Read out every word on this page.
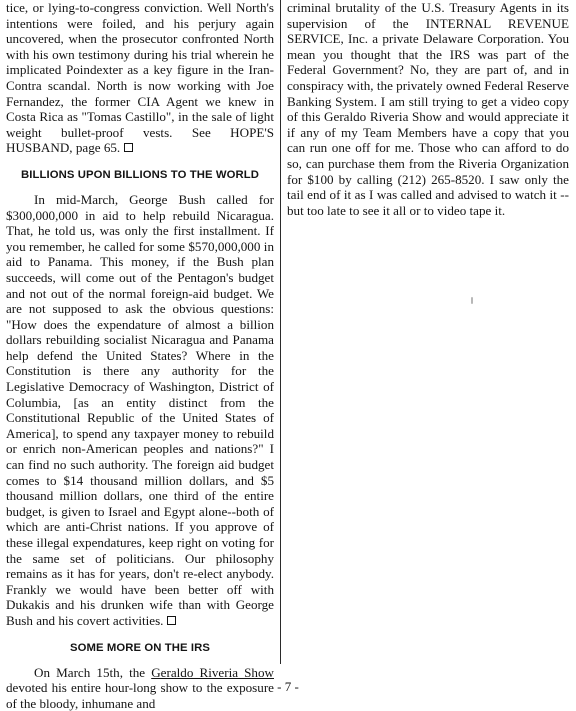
tice, or lying-to-congress conviction. Well North's intentions were foiled, and his perjury again uncovered, when the prosecutor confronted North with his own testimony during his trial wherein he implicated Poindexter as a key figure in the Iran-Contra scandal. North is now working with Joe Fernandez, the former CIA Agent we knew in Costa Rica as "Tomas Castillo", in the sale of light weight bullet-proof vests. See HOPE'S HUSBAND, page 65.

BILLIONS UPON BILLIONS TO THE WORLD

In mid-March, George Bush called for $300,000,000 in aid to help rebuild Nicaragua. That, he told us, was only the first installment. If you remember, he called for some $570,000,000 in aid to Panama. This money, if the Bush plan succeeds, will come out of the Pentagon's budget and not out of the normal foreign-aid budget. We are not supposed to ask the obvious questions: "How does the expendature of almost a billion dollars rebuilding socialist Nicaragua and Panama help defend the United States? Where in the Constitution is there any authority for the Legislative Democracy of Washington, District of Columbia, [as an entity distinct from the Constitutional Republic of the United States of America], to spend any taxpayer money to rebuild or enrich non-American peoples and nations?" I can find no such authority. The foreign aid budget comes to $14 thousand million dollars, and $5 thousand million dollars, one third of the entire budget, is given to Israel and Egypt alone--both of which are anti-Christ nations. If you approve of these illegal expendatures, keep right on voting for the same set of politicians. Our philosophy remains as it has for years, don't re-elect anybody. Frankly we would have been better off with Dukakis and his drunken wife than with George Bush and his covert activities.

SOME MORE ON THE IRS

On March 15th, the Geraldo Riveria Show devoted his entire hour-long show to the exposure of the bloody, inhumane and

criminal brutality of the U.S. Treasury Agents in its supervision of the INTERNAL REVENUE SERVICE, Inc. a private Delaware Corporation. You mean you thought that the IRS was part of the Federal Government? No, they are part of, and in conspiracy with, the privately owned Federal Reserve Banking System. I am still trying to get a video copy of this Geraldo Riveria Show and would appreciate it if any of my Team Members have a copy that you can run one off for me. Those who can afford to do so, can purchase them from the Riveria Organization for $100 by calling (212) 265-8520. I saw only the tail end of it as I was called and advised to watch it -- but too late to see it all or to video tape it.

- 7 -
